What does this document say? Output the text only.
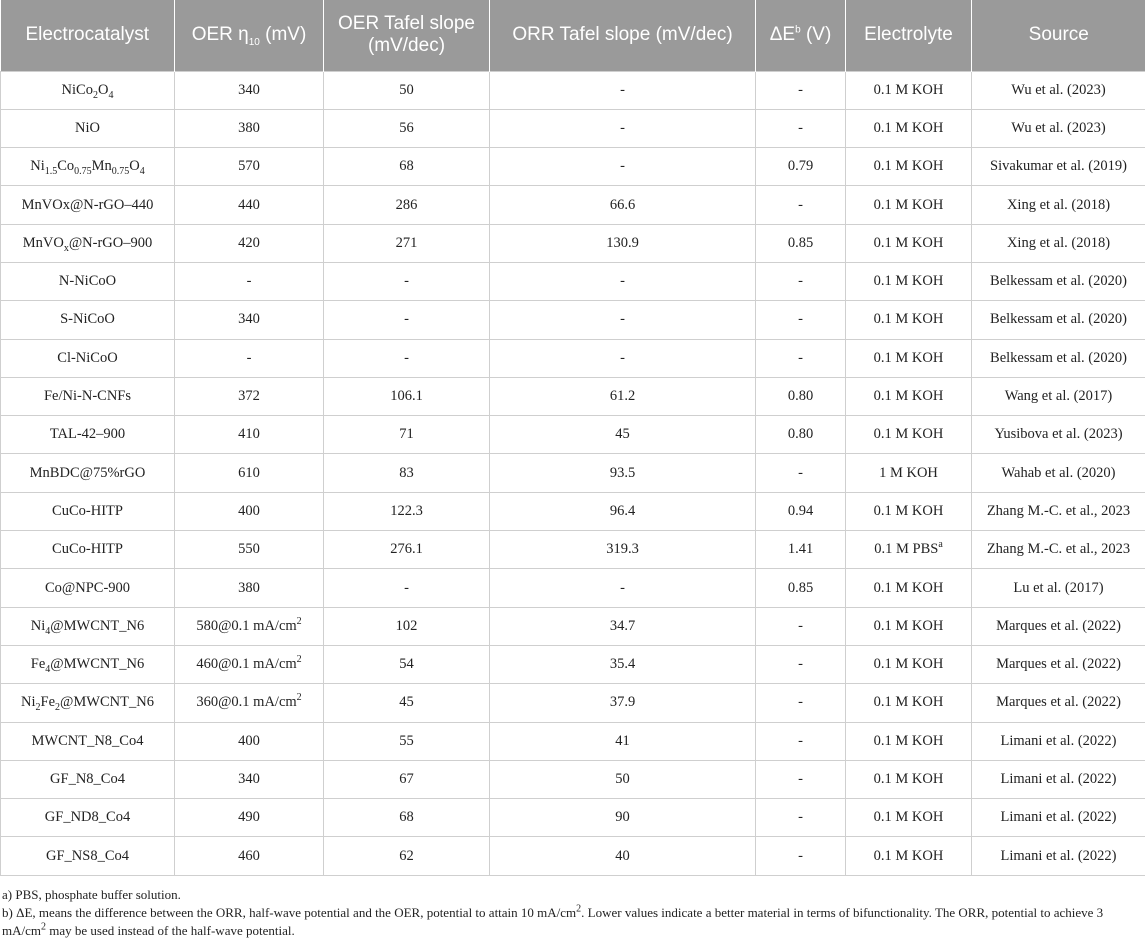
Electrocatalyst	OER $\eta_{10}$ (mV)	OER Tafel slope (mV/dec)	ORR Tafel slope (mV/dec)	$\Delta E^b$ (V)	Electrolyte	Source
$NiCo_2O_4$	340	50	-	-	0.1 M KOH	Wu et al. (2023)
NiO	380	56	-	-	0.1 M KOH	Wu et al. (2023)
$Ni_{1.5}Co_{0.75}Mn_{0.75}O_4$	570	68	-	0.79	0.1 M KOH	Sivakumar et al. (2019)
MnVOx@N-rGO–440	440	286	66.6	-	0.1 M KOH	Xing et al. (2018)
MnVO$_x$@N-rGO–900	420	271	130.9	0.85	0.1 M KOH	Xing et al. (2018)
N-NiCoO	-	-	-	-	0.1 M KOH	Belkessam et al. (2020)
S-NiCoO	340	-	-	-	0.1 M KOH	Belkessam et al. (2020)
Cl-NiCoO	-	-	-	-	0.1 M KOH	Belkessam et al. (2020)
Fe/Ni-N-CNFs	372	106.1	61.2	0.80	0.1 M KOH	Wang et al. (2017)
TAL-42–900	410	71	45	0.80	0.1 M KOH	Yusibova et al. (2023)
MnBDC@75%rGO	610	83	93.5	-	1 M KOH	Wahab et al. (2020)
CuCo-HITP	400	122.3	96.4	0.94	0.1 M KOH	Zhang M.-C. et al., 2023
CuCo-HITP	550	276.1	319.3	1.41	0.1 M PBS$^a$	Zhang M.-C. et al., 2023
Co@NPC-900	380	-	-	0.85	0.1 M KOH	Lu et al. (2017)
$Ni_4@MWCNT\_N6$	580@0.1 $mA/cm^2$	102	34.7	-	0.1 M KOH	Marques et al. (2022)
$Fe_4@MWCNT\_N6$	460@0.1 $mA/cm^2$	54	35.4	-	0.1 M KOH	Marques et al. (2022)
$Ni_2Fe_2@MWCNT\_N6$	360@0.1 $mA/cm^2$	45	37.9	-	0.1 M KOH	Marques et al. (2022)
MWCNT_N8_Co4	400	55	41	-	0.1 M KOH	Limani et al. (2022)
GF_N8_Co4	340	67	50	-	0.1 M KOH	Limani et al. (2022)
GF_ND8_Co4	490	68	90	-	0.1 M KOH	Limani et al. (2022)
GF_NS8_Co4	460	62	40	-	0.1 M KOH	Limani et al. (2022)
a) PBS, phosphate buffer solution.
b) ΔE, means the difference between the ORR, half-wave potential and the OER, potential to attain 10 $mA/cm^2$. Lower values indicate a better material in terms of bifunctionality. The ORR, potential to achieve 3 $mA/cm^2$ may be used instead of the half-wave potential.
